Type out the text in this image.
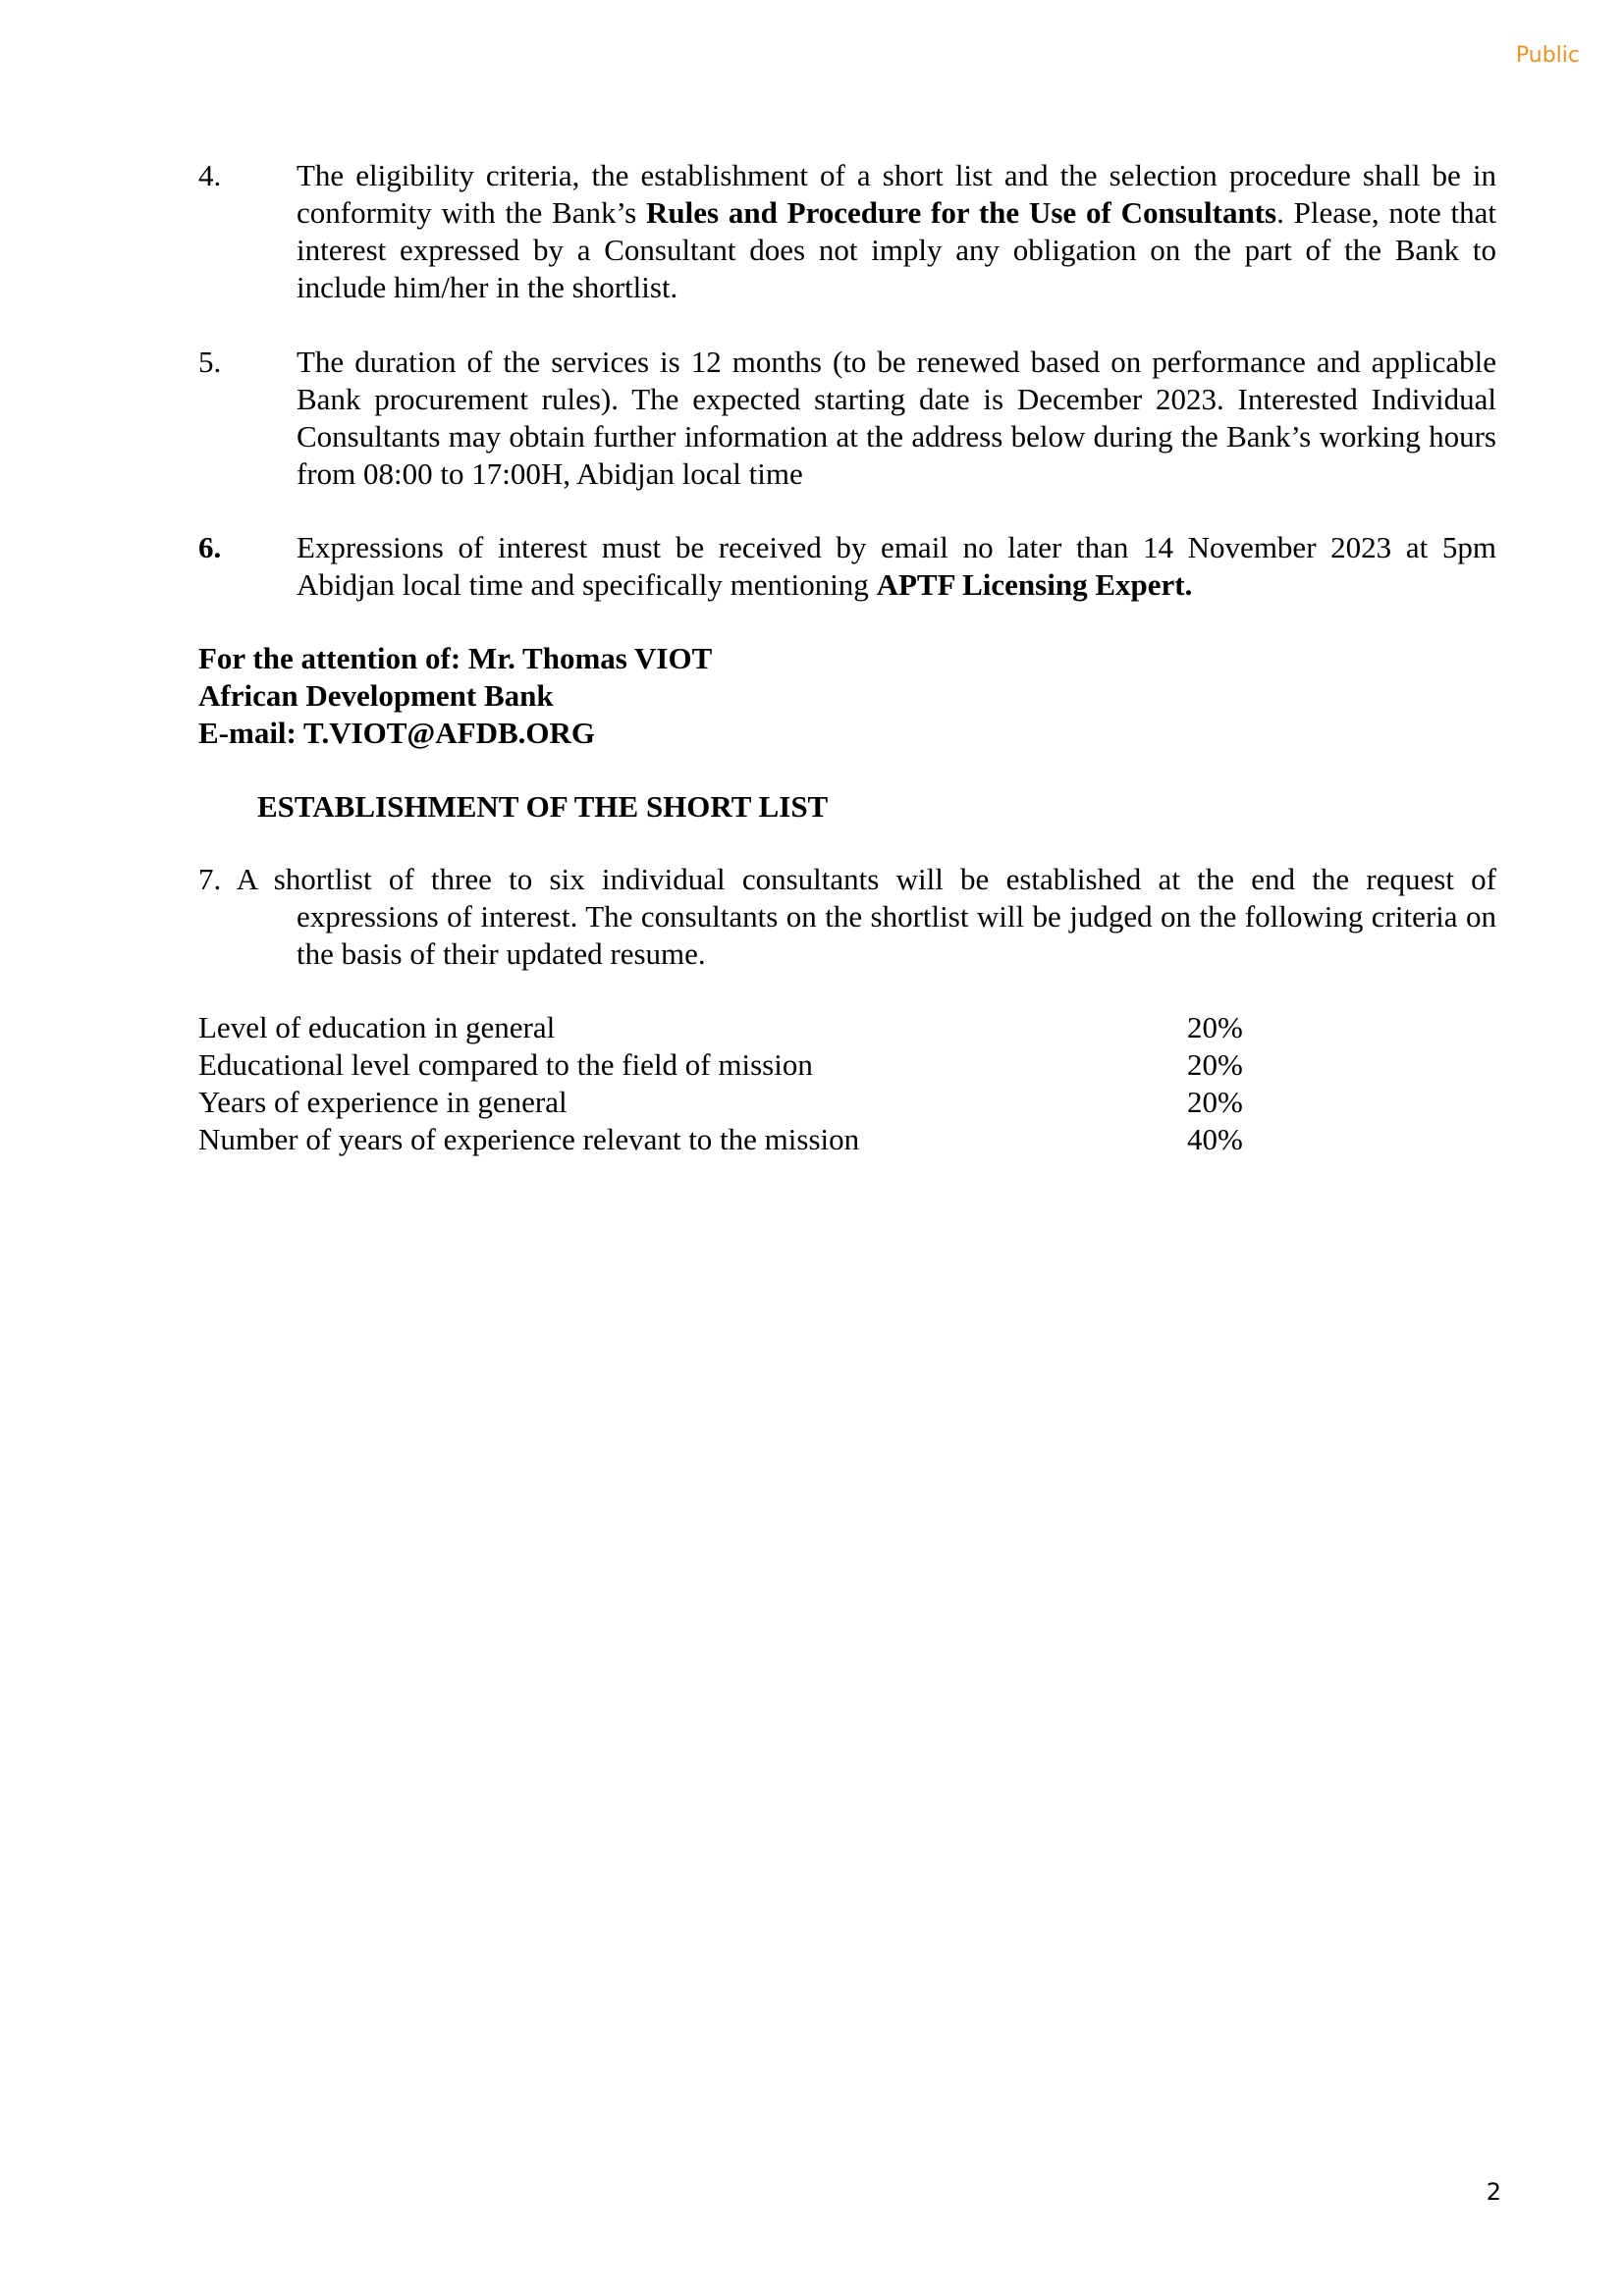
Public
4. The eligibility criteria, the establishment of a short list and the selection procedure shall be in conformity with the Bank’s Rules and Procedure for the Use of Consultants. Please, note that interest expressed by a Consultant does not imply any obligation on the part of the Bank to include him/her in the shortlist.
5. The duration of the services is 12 months (to be renewed based on performance and applicable Bank procurement rules). The expected starting date is December 2023. Interested Individual Consultants may obtain further information at the address below during the Bank’s working hours from 08:00 to 17:00H, Abidjan local time
6. Expressions of interest must be received by email no later than 14 November 2023 at 5pm Abidjan local time and specifically mentioning APTF Licensing Expert.
For the attention of: Mr. Thomas VIOT
African Development Bank
E-mail: T.VIOT@AFDB.ORG
ESTABLISHMENT OF THE SHORT LIST
7. A shortlist of three to six individual consultants will be established at the end the request of
expressions of interest. The consultants on the shortlist will be judged on the following criteria on the basis of their updated resume.
Level of education in general	20%
Educational level compared to the field of mission	20%
Years of experience in general	20%
Number of years of experience relevant to the mission	40%
2
